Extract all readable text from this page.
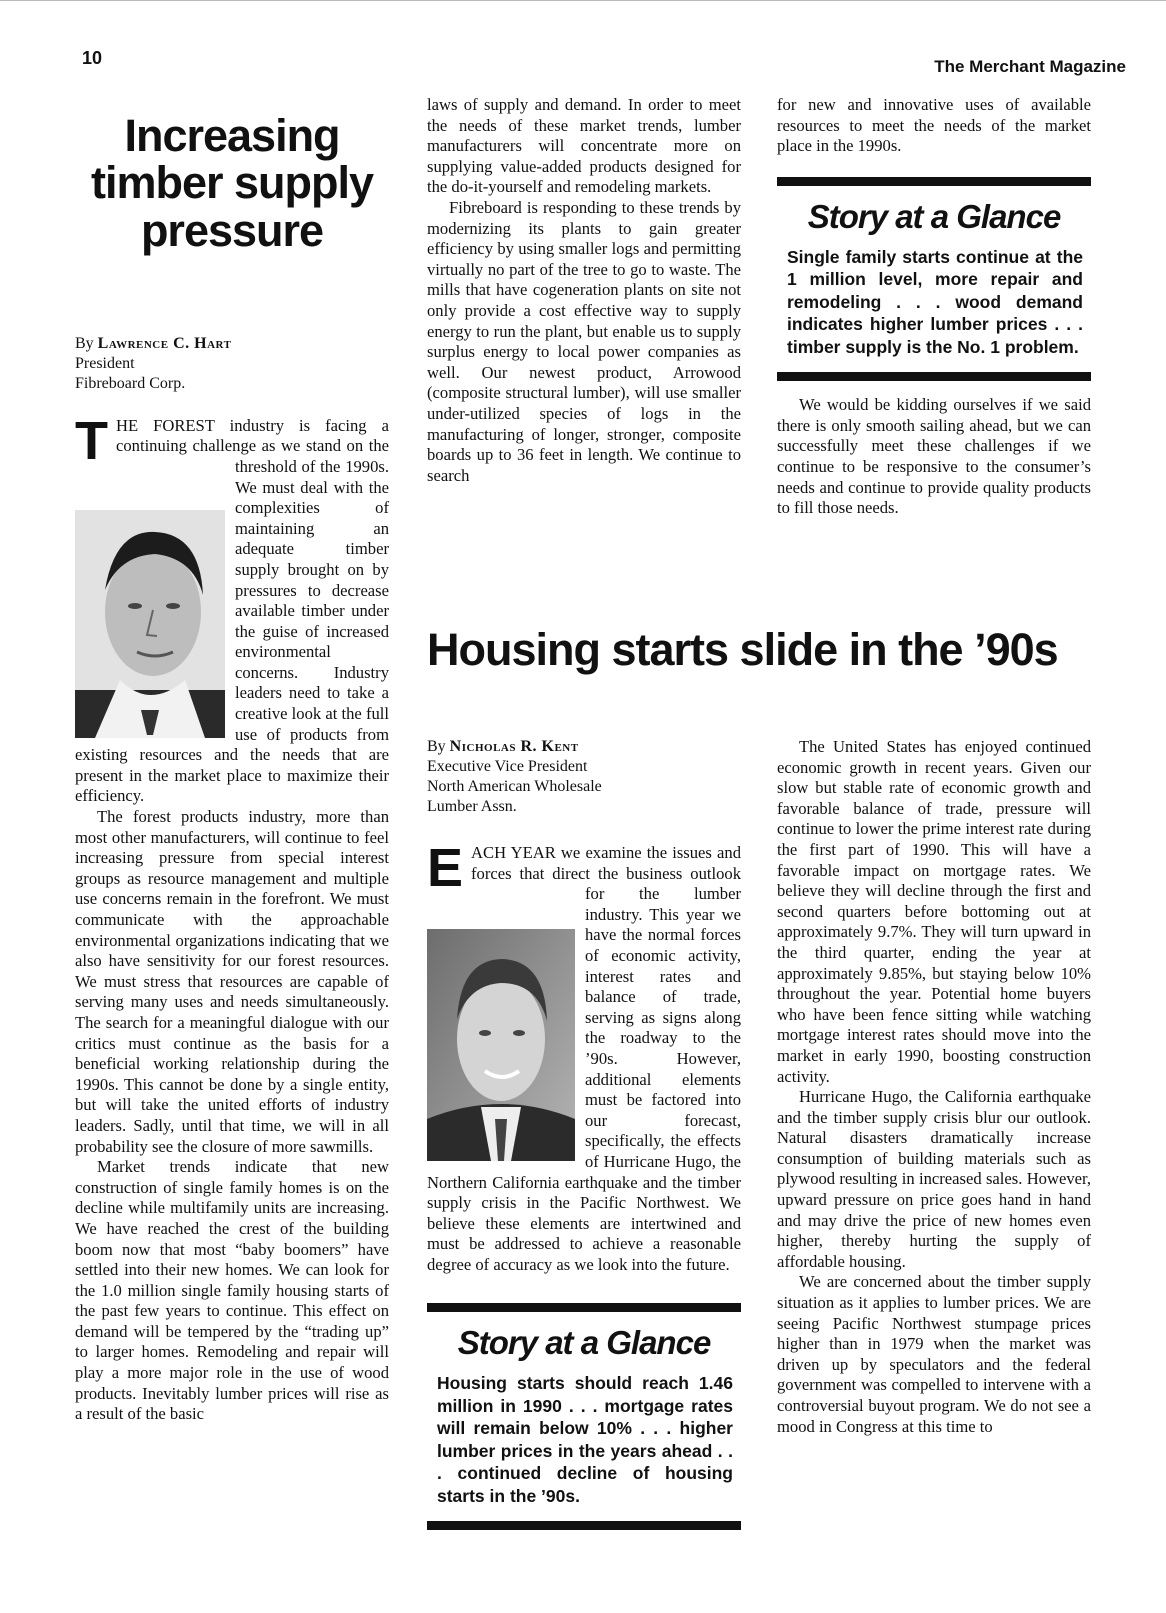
10	The Merchant Magazine
Increasing timber supply pressure
By Lawrence C. Hart
President
Fibreboard Corp.

T HE FOREST industry is facing a continuing challenge as we stand on the threshold of the 1990s. We must deal with the complexities of maintaining an adequate timber supply brought on by pressures to decrease available timber under the guise of increased environmental concerns. Industry leaders need to take a creative look at the full use of products from existing resources and the needs that are present in the market place to maximize their efficiency.

The forest products industry, more than most other manufacturers, will continue to feel increasing pressure from special interest groups as resource management and multiple use concerns remain in the forefront. We must communicate with the approachable environmental organizations indicating that we also have sensitivity for our forest resources. We must stress that resources are capable of serving many uses and needs simultaneously. The search for a meaningful dialogue with our critics must continue as the basis for a beneficial working relationship during the 1990s. This cannot be done by a single entity, but will take the united efforts of industry leaders. Sadly, until that time, we will in all probability see the closure of more sawmills.

Market trends indicate that new construction of single family homes is on the decline while multifamily units are increasing. We have reached the crest of the building boom now that most “baby boomers” have settled into their new homes. We can look for the 1.0 million single family housing starts of the past few years to continue. This effect on demand will be tempered by the “trading up” to larger homes. Remodeling and repair will play a more major role in the use of wood products. Inevitably lumber prices will rise as a result of the basic

laws of supply and demand. In order to meet the needs of these market trends, lumber manufacturers will concentrate more on supplying value-added products designed for the do-it-yourself and remodeling markets.

Fibreboard is responding to these trends by modernizing its plants to gain greater efficiency by using smaller logs and permitting virtually no part of the tree to go to waste. The mills that have cogeneration plants on site not only provide a cost effective way to supply energy to run the plant, but enable us to supply surplus energy to local power companies as well. Our newest product, Arrowood (composite structural lumber), will use smaller under-utilized species of logs in the manufacturing of longer, stronger, composite boards up to 36 feet in length. We continue to search

for new and innovative uses of available resources to meet the needs of the market place in the 1990s.

Story at a Glance
Single family starts continue at the 1 million level, more repair and remodeling . . . wood demand indicates higher lumber prices . . . timber supply is the No. 1 problem.

We would be kidding ourselves if we said there is only smooth sailing ahead, but we can successfully meet these challenges if we continue to be responsive to the consumer’s needs and continue to provide quality products to fill those needs.

Housing starts slide in the ’90s
By Nicholas R. Kent
Executive Vice President
North American Wholesale
Lumber Assn.

E ACH YEAR we examine the issues and forces that direct the business outlook for the lumber industry. This year we have the normal forces of economic activity, interest rates and balance of trade, serving as signs along the roadway to the ’90s. However, additional elements must be factored into our forecast, specifically, the effects of Hurricane Hugo, the Northern California earthquake and the timber supply crisis in the Pacific Northwest. We believe these elements are intertwined and must be addressed to achieve a reasonable degree of accuracy as we look into the future.

Story at a Glance
Housing starts should reach 1.46 million in 1990 . . . mortgage rates will remain below 10% . . . higher lumber prices in the years ahead . . . continued decline of housing starts in the ’90s.

The United States has enjoyed continued economic growth in recent years. Given our slow but stable rate of economic growth and favorable balance of trade, pressure will continue to lower the prime interest rate during the first part of 1990. This will have a favorable impact on mortgage rates. We believe they will decline through the first and second quarters before bottoming out at approximately 9.7%. They will turn upward in the third quarter, ending the year at approximately 9.85%, but staying below 10% throughout the year. Potential home buyers who have been fence sitting while watching mortgage interest rates should move into the market in early 1990, boosting construction activity.

Hurricane Hugo, the California earthquake and the timber supply crisis blur our outlook. Natural disasters dramatically increase consumption of building materials such as plywood resulting in increased sales. However, upward pressure on price goes hand in hand and may drive the price of new homes even higher, thereby hurting the supply of affordable housing.

We are concerned about the timber supply situation as it applies to lumber prices. We are seeing Pacific Northwest stumpage prices higher than in 1979 when the market was driven up by speculators and the federal government was compelled to intervene with a controversial buyout program. We do not see a mood in Congress at this time to
